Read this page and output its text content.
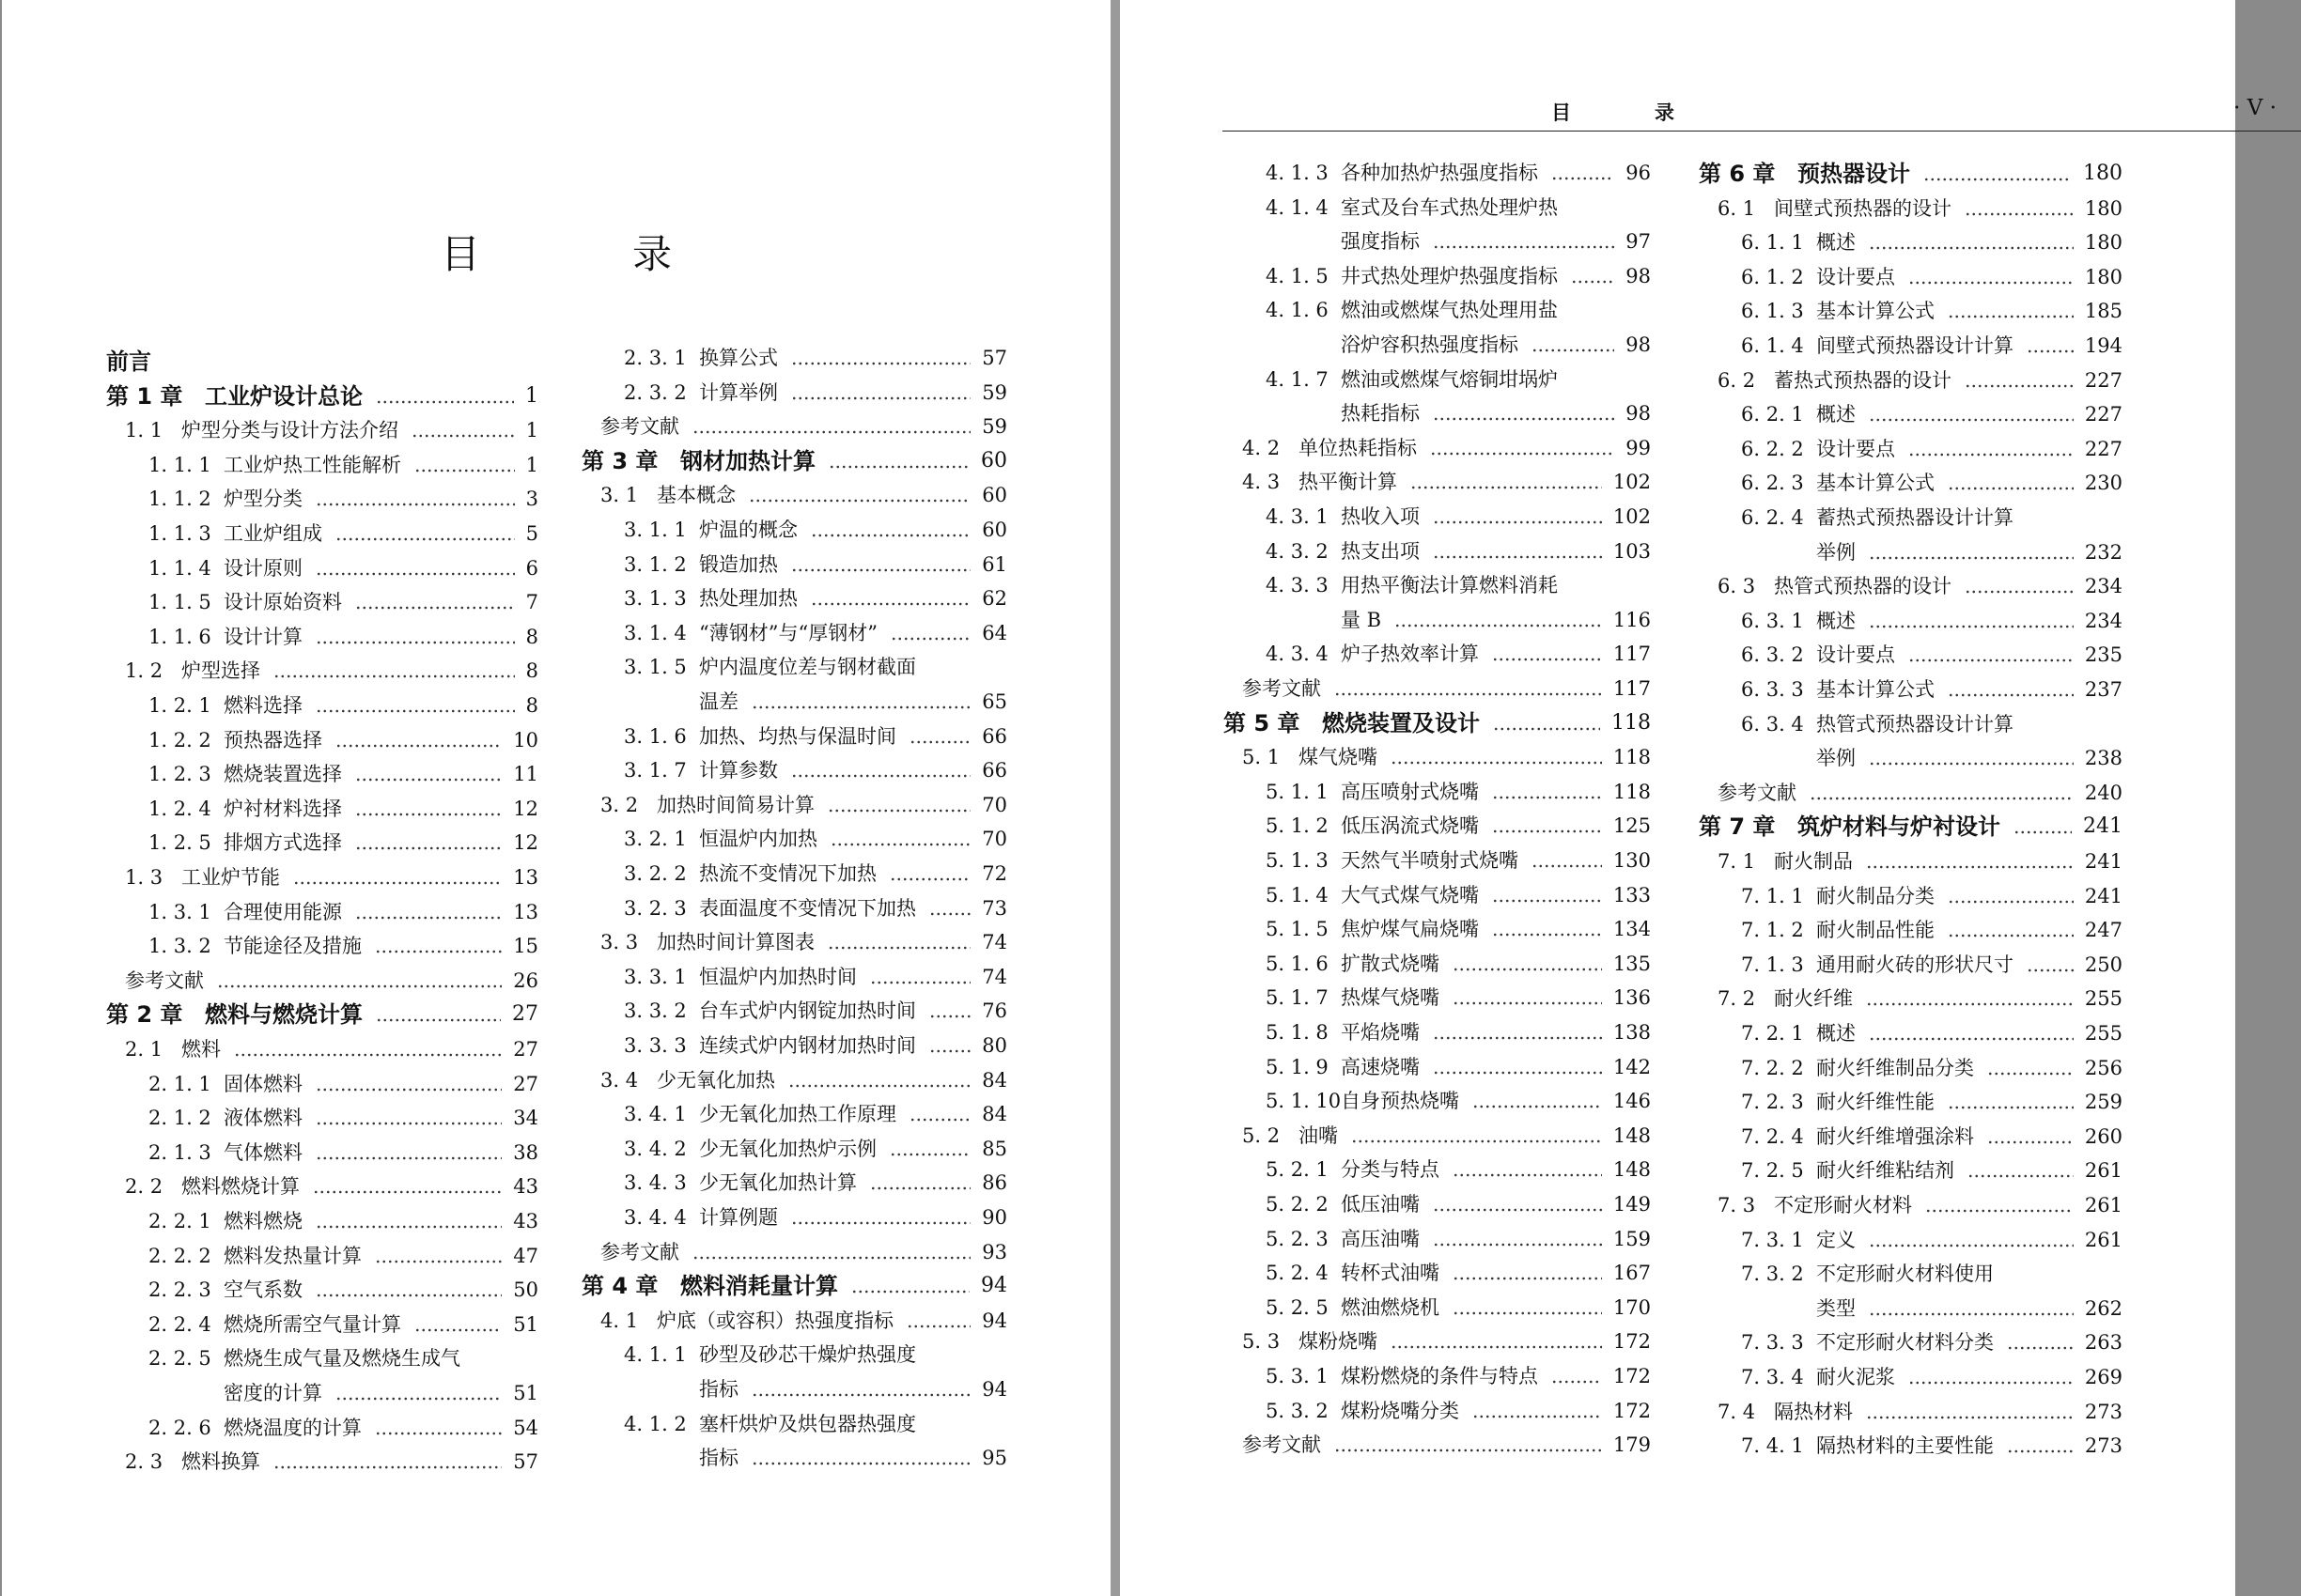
目　录
前言
第 1 章 工业炉设计总论	1
1. 1 炉型分类与设计方法介绍	1
1. 1. 1 工业炉热工性能解析	1
1. 1. 2 炉型分类	3
1. 1. 3 工业炉组成	5
1. 1. 4 设计原则	6
1. 1. 5 设计原始资料	7
1. 1. 6 设计计算	8
1. 2 炉型选择	8
1. 2. 1 燃料选择	8
1. 2. 2 预热器选择	10
1. 2. 3 燃烧装置选择	11
1. 2. 4 炉衬材料选择	12
1. 2. 5 排烟方式选择	12
1. 3 工业炉节能	13
1. 3. 1 合理使用能源	13
1. 3. 2 节能途径及措施	15
参考文献	26
第 2 章 燃料与燃烧计算	27
2. 1 燃料	27
2. 1. 1 固体燃料	27
2. 1. 2 液体燃料	34
2. 1. 3 气体燃料	38
2. 2 燃料燃烧计算	43
2. 2. 1 燃料燃烧	43
2. 2. 2 燃料发热量计算	47
2. 2. 3 空气系数	50
2. 2. 4 燃烧所需空气量计算	51
2. 2. 5 燃烧生成气量及燃烧生成气
密度的计算	51
2. 2. 6 燃烧温度的计算	54
2. 3 燃料换算	57
2. 3. 1 换算公式	57
2. 3. 2 计算举例	59
参考文献	59
第 3 章 钢材加热计算	60
3. 1 基本概念	60
3. 1. 1 炉温的概念	60
3. 1. 2 锻造加热	61
3. 1. 3 热处理加热	62
3. 1. 4 “薄钢材”与“厚钢材”	64
3. 1. 5 炉内温度位差与钢材截面
温差	65
3. 1. 6 加热、均热与保温时间	66
3. 1. 7 计算参数	66
3. 2 加热时间简易计算	70
3. 2. 1 恒温炉内加热	70
3. 2. 2 热流不变情况下加热	72
3. 2. 3 表面温度不变情况下加热	73
3. 3 加热时间计算图表	74
3. 3. 1 恒温炉内加热时间	74
3. 3. 2 台车式炉内钢锭加热时间	76
3. 3. 3 连续式炉内钢材加热时间	80
3. 4 少无氧化加热	84
3. 4. 1 少无氧化加热工作原理	84
3. 4. 2 少无氧化加热炉示例	85
3. 4. 3 少无氧化加热计算	86
3. 4. 4 计算例题	90
参考文献	93
第 4 章 燃料消耗量计算	94
4. 1 炉底（或容积）热强度指标	94
4. 1. 1 砂型及砂芯干燥炉热强度
指标	94
4. 1. 2 塞杆烘炉及烘包器热强度
指标	95
目　录	· V ·
4. 1. 3 各种加热炉热强度指标	96
4. 1. 4 室式及台车式热处理炉热
强度指标	97
4. 1. 5 井式热处理炉热强度指标	98
4. 1. 6 燃油或燃煤气热处理用盐
浴炉容积热强度指标	98
4. 1. 7 燃油或燃煤气熔铜坩埚炉
热耗指标	98
4. 2 单位热耗指标	99
4. 3 热平衡计算	102
4. 3. 1 热收入项	102
4. 3. 2 热支出项	103
4. 3. 3 用热平衡法计算燃料消耗
量 B	116
4. 3. 4 炉子热效率计算	117
参考文献	117
第 5 章 燃烧装置及设计	118
5. 1 煤气烧嘴	118
5. 1. 1 高压喷射式烧嘴	118
5. 1. 2 低压涡流式烧嘴	125
5. 1. 3 天然气半喷射式烧嘴	130
5. 1. 4 大气式煤气烧嘴	133
5. 1. 5 焦炉煤气扁烧嘴	134
5. 1. 6 扩散式烧嘴	135
5. 1. 7 热煤气烧嘴	136
5. 1. 8 平焰烧嘴	138
5. 1. 9 高速烧嘴	142
5. 1. 10 自身预热烧嘴	146
5. 2 油嘴	148
5. 2. 1 分类与特点	148
5. 2. 2 低压油嘴	149
5. 2. 3 高压油嘴	159
5. 2. 4 转杯式油嘴	167
5. 2. 5 燃油燃烧机	170
5. 3 煤粉烧嘴	172
5. 3. 1 煤粉燃烧的条件与特点	172
5. 3. 2 煤粉烧嘴分类	172
参考文献	179
第 6 章 预热器设计	180
6. 1 间壁式预热器的设计	180
6. 1. 1 概述	180
6. 1. 2 设计要点	180
6. 1. 3 基本计算公式	185
6. 1. 4 间壁式预热器设计计算	194
6. 2 蓄热式预热器的设计	227
6. 2. 1 概述	227
6. 2. 2 设计要点	227
6. 2. 3 基本计算公式	230
6. 2. 4 蓄热式预热器设计计算
举例	232
6. 3 热管式预热器的设计	234
6. 3. 1 概述	234
6. 3. 2 设计要点	235
6. 3. 3 基本计算公式	237
6. 3. 4 热管式预热器设计计算
举例	238
参考文献	240
第 7 章 筑炉材料与炉衬设计	241
7. 1 耐火制品	241
7. 1. 1 耐火制品分类	241
7. 1. 2 耐火制品性能	247
7. 1. 3 通用耐火砖的形状尺寸	250
7. 2 耐火纤维	255
7. 2. 1 概述	255
7. 2. 2 耐火纤维制品分类	256
7. 2. 3 耐火纤维性能	259
7. 2. 4 耐火纤维增强涂料	260
7. 2. 5 耐火纤维粘结剂	261
7. 3 不定形耐火材料	261
7. 3. 1 定义	261
7. 3. 2 不定形耐火材料使用
类型	262
7. 3. 3 不定形耐火材料分类	263
7. 3. 4 耐火泥浆	269
7. 4 隔热材料	273
7. 4. 1 隔热材料的主要性能	273
